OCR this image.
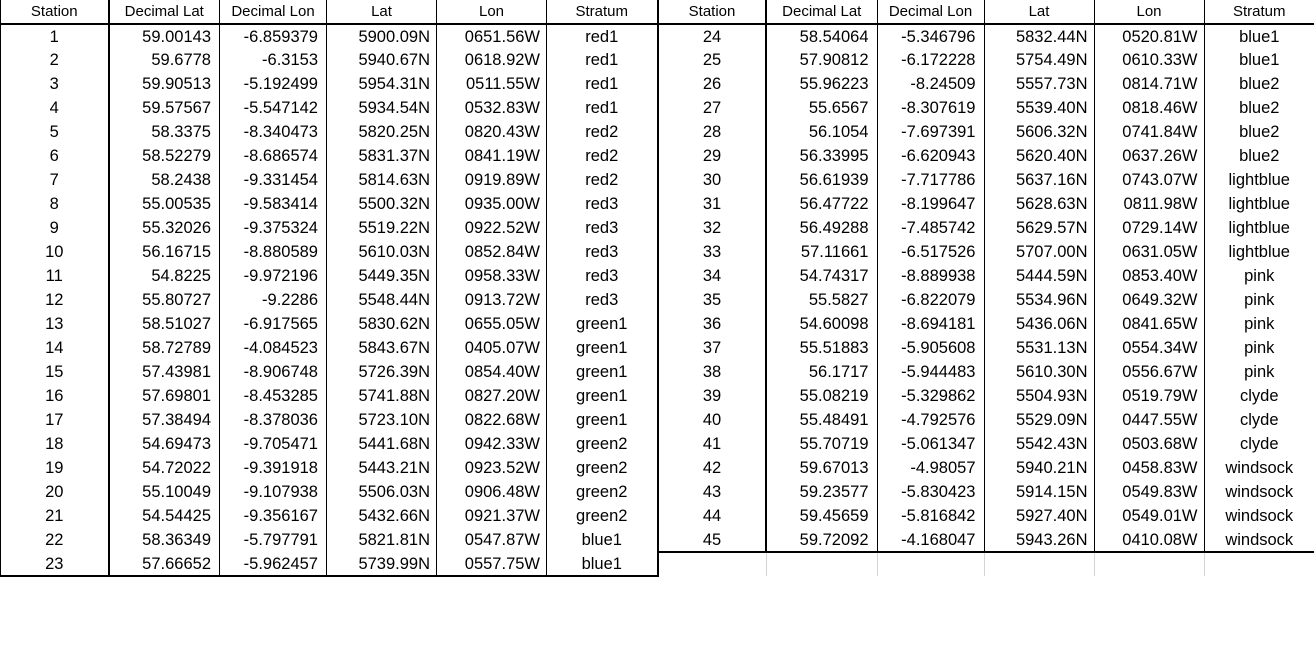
Station	Decimal Lat	Decimal Lon	Lat	Lon	Stratum
1	59.00143	-6.859379	5900.09N	0651.56W	red1
2	59.6778	-6.3153	5940.67N	0618.92W	red1
3	59.90513	-5.192499	5954.31N	0511.55W	red1
4	59.57567	-5.547142	5934.54N	0532.83W	red1
5	58.3375	-8.340473	5820.25N	0820.43W	red2
6	58.52279	-8.686574	5831.37N	0841.19W	red2
7	58.2438	-9.331454	5814.63N	0919.89W	red2
8	55.00535	-9.583414	5500.32N	0935.00W	red3
9	55.32026	-9.375324	5519.22N	0922.52W	red3
10	56.16715	-8.880589	5610.03N	0852.84W	red3
11	54.8225	-9.972196	5449.35N	0958.33W	red3
12	55.80727	-9.2286	5548.44N	0913.72W	red3
13	58.51027	-6.917565	5830.62N	0655.05W	green1
14	58.72789	-4.084523	5843.67N	0405.07W	green1
15	57.43981	-8.906748	5726.39N	0854.40W	green1
16	57.69801	-8.453285	5741.88N	0827.20W	green1
17	57.38494	-8.378036	5723.10N	0822.68W	green1
18	54.69473	-9.705471	5441.68N	0942.33W	green2
19	54.72022	-9.391918	5443.21N	0923.52W	green2
20	55.10049	-9.107938	5506.03N	0906.48W	green2
21	54.54425	-9.356167	5432.66N	0921.37W	green2
22	58.36349	-5.797791	5821.81N	0547.87W	blue1
23	57.66652	-5.962457	5739.99N	0557.75W	blue1
Station	Decimal Lat	Decimal Lon	Lat	Lon	Stratum
24	58.54064	-5.346796	5832.44N	0520.81W	blue1
25	57.90812	-6.172228	5754.49N	0610.33W	blue1
26	55.96223	-8.24509	5557.73N	0814.71W	blue2
27	55.6567	-8.307619	5539.40N	0818.46W	blue2
28	56.1054	-7.697391	5606.32N	0741.84W	blue2
29	56.33995	-6.620943	5620.40N	0637.26W	blue2
30	56.61939	-7.717786	5637.16N	0743.07W	lightblue
31	56.47722	-8.199647	5628.63N	0811.98W	lightblue
32	56.49288	-7.485742	5629.57N	0729.14W	lightblue
33	57.11661	-6.517526	5707.00N	0631.05W	lightblue
34	54.74317	-8.889938	5444.59N	0853.40W	pink
35	55.5827	-6.822079	5534.96N	0649.32W	pink
36	54.60098	-8.694181	5436.06N	0841.65W	pink
37	55.51883	-5.905608	5531.13N	0554.34W	pink
38	56.1717	-5.944483	5610.30N	0556.67W	pink
39	55.08219	-5.329862	5504.93N	0519.79W	clyde
40	55.48491	-4.792576	5529.09N	0447.55W	clyde
41	55.70719	-5.061347	5542.43N	0503.68W	clyde
42	59.67013	-4.98057	5940.21N	0458.83W	windsock
43	59.23577	-5.830423	5914.15N	0549.83W	windsock
44	59.45659	-5.816842	5927.40N	0549.01W	windsock
45	59.72092	-4.168047	5943.26N	0410.08W	windsock
